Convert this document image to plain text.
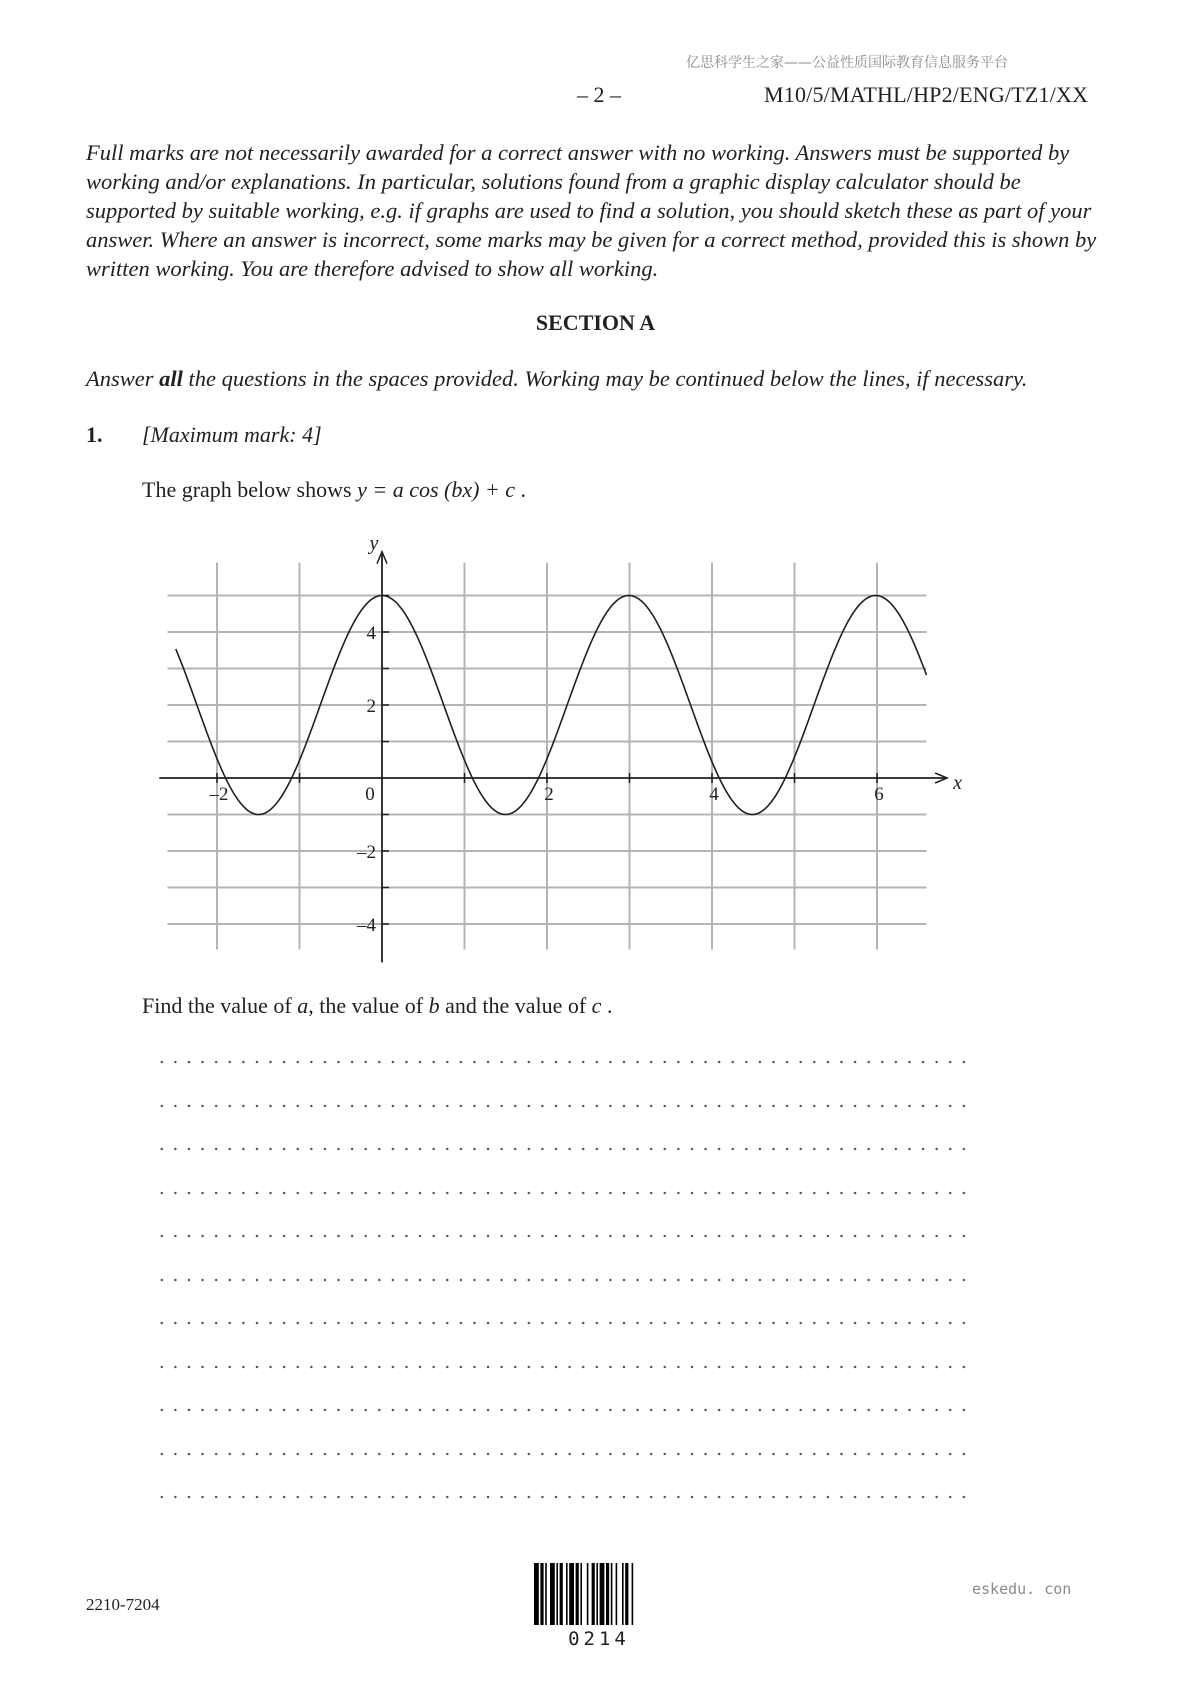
亿思科学生之家——公益性质国际教育信息服务平台
– 2 –	M10/5/MATHL/HP2/ENG/TZ1/XX

Full marks are not necessarily awarded for a correct answer with no working. Answers must be supported by working and/or explanations. In particular, solutions found from a graphic display calculator should be supported by suitable working, e.g. if graphs are used to find a solution, you should sketch these as part of your answer. Where an answer is incorrect, some marks may be given for a correct method, provided this is shown by written working. You are therefore advised to show all working.

SECTION A

Answer all the questions in the spaces provided. Working may be continued below the lines, if necessary.

1. [Maximum mark: 4]
The graph below shows y = a cos (bx) + c .
–2	0	2	4	6
4
2
–2
–4
x
y
Find the value of a, the value of b and the value of c .
2210-7204
0214
eskedu. con
